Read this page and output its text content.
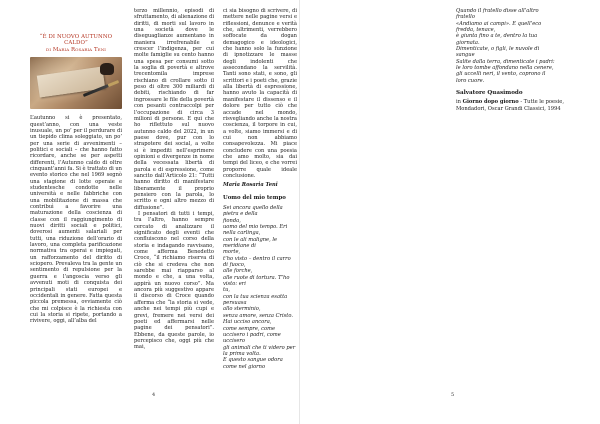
“È DI NUOVO AUTUNNO CALDO”
di Maria Rosaria Teni

L’autunno si è presentato, quest’anno, con una veste inusuale, un po’ per il perdurare di un tiepido clima soleggiato, un po’ per una serie di avvenimenti – politici e sociali – che hanno fatto ricordare, anche se per aspetti differenti, l’Autunno caldo di oltre cinquant’anni fa. Si è trattato di un evento storico che nel 1969 segnò una stagione di lotte operaie e studentesche condotte nelle università e nelle fabbriche con una mobilitazione di massa che contribuì a favorire una maturazione della coscienza di classe con il raggiungimento di nuovi diritti sociali e politici, doverosi aumenti salariali per tutti, una riduzione dell’orario di lavoro, una completa parificazione normativa tra operai e impiegati, un rafforzamento del diritto di sciopero. Prevaleva tra la gente un sentimento di repulsione per la guerra e l’angoscia verso gli avvenuti moti di conquista dei principali stati europei e occidentali in genere. Fatta questa piccola premessa, ovviamente ciò che mi colpisce è la richiesta con cui la storia si ripete, portando a rivivere, oggi, all’alba del

terzo millennio, episodi di sfruttamento, di alienazione di diritti, di morti sul lavoro in una società dove le diseguaglianze aumentano in maniera irrefrenabile e crescer l’indigenza, per cui molte famiglie su cento hanno una spesa per consumi sotto la soglia di povertà e altrove trecentomila imprese rischiano di crollare sotto il peso di oltre 300 miliardi di debiti, rischiando di far ingrossare le file della povertà con pesanti contraccolpi per l’occupazione di circa 3 milioni di persone. E qui che ho riflettuto sul nuovo autunno caldo del 2022, in un paese dove, pur con lo strapotere dei social, a volte si è impediti nell’esprimere opinioni e divergenze in nome della vecessata libertà di parola e di espressione, come sancito dall’Articolo 21: “Tutti hanno diritto di manifestare liberamente il proprio pensiero con la parola, lo scritto e ogni altro mezzo di diffusione”.

I pensatori di tutti i tempi, tra l’altro, hanno sempre cercato di analizzare il significato degli eventi che confluiscono nel corso della storia e indagando ravvisano, come afferma Benedetto Croce, “il richiamo riserva di ciò che si credeva che non sarebbe mai riapparso al mondo e che, a una volta, appirà un nuovo corso”. Ma ancora più suggestivo appare il discorso di Croce quando afferma che “la storia si vede, anche nei tempi più cupi e grevi, fremere nei versi dei poeti ed affermarsi nelle pagine dei pensatori”. Ebbene, da queste parole, io percepisco che, oggi più che mai,

ci sia bisogno di scrivere, di mettere nelle pagine versi e riflessioni, denunce e verità che, altrimenti, verrebbero soffocate da dogan demagogico e ideologici, che hanno solo la funzione di ipnotizzare le masse degli indolenti che assecondano la servilità. Tanti sono stati, e sono, gli scrittori e i poeti che, grazie alla libertà di espressione, hanno avuto la capacità di manifestare il dissenso e il dolore per tutto ciò che accade nel mondo, risvegliando anche la nostra coscienza, il torpore in cui, a volte, siamo immersi e di cui non abbiamo consapevolezza. Mi piace concludere con una poesia che amo molto, sia dai tempi del liceo, e che vorrei proporre quale ideale conclusione.

Maria Rosaria Teni

Uomo del mio tempo

Sei ancora quello della pietra e della

fionda,

uomo del mio tempo. Eri nella carlinga,

con le ali maligne, le meridiane di

morte,

t’ho visto – dentro il carro di fuoco,

alle forche,

alle ruote di tortura. T’ho visto: eri

tu,

con la tua scienza esatta persuasa

allo sterminio,

senza amore, senza Cristo. Hai ucciso ancora,

come sempre, come uccisero i padri, come uccisero

gli animali che ti videro per la prima volta.

E questo sangue odora come nel giorno

4

Quando il fratello disse all’altro

fratello

«Andiamo ai campi». E quell’eco

fredda, tenace,

è giunta fino a te, dentro la tua

giornata.

Dimenticate, o figli, le nuvole di

sangue

Salite dalla terra, dimenticate i padri:

le loro tombe affondano nella cenere,

gli uccelli neri, il vento, coprono il

loro cuore.

Salvatore Quasimodo

in Giorno dopo giorno - Tutte le poesie, Mondadori, Oscar Grandi Classici, 1994

5
